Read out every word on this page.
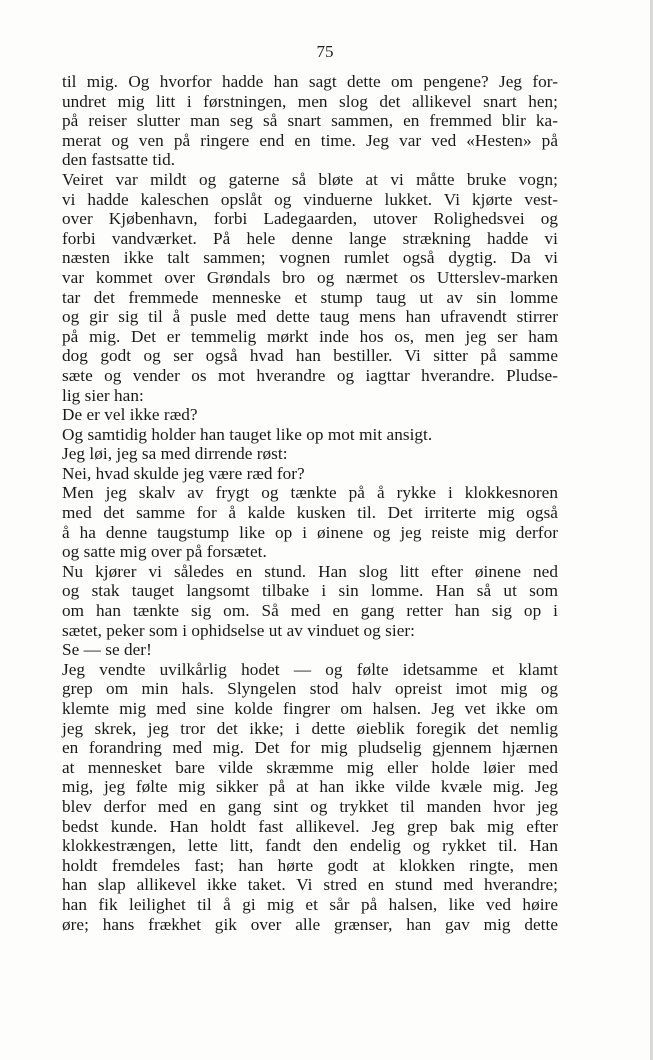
75
til mig. Og hvorfor hadde han sagt dette om pengene? Jeg for-
undret mig litt i førstningen, men slog det allikevel snart hen;
på reiser slutter man seg så snart sammen, en fremmed blir ka-
merat og ven på ringere end en time. Jeg var ved «Hesten» på
den fastsatte tid.
Veiret var mildt og gaterne så bløte at vi måtte bruke vogn;
vi hadde kaleschen opslåt og vinduerne lukket. Vi kjørte vest-
over Kjøbenhavn, forbi Ladegaarden, utover Rolighedsvei og
forbi vandværket. På hele denne lange strækning hadde vi
næsten ikke talt sammen; vognen rumlet også dygtig. Da vi
var kommet over Grøndals bro og nærmet os Utterslev-marken
tar det fremmede menneske et stump taug ut av sin lomme
og gir sig til å pusle med dette taug mens han ufravendt stirrer
på mig. Det er temmelig mørkt inde hos os, men jeg ser ham
dog godt og ser også hvad han bestiller. Vi sitter på samme
sæte og vender os mot hverandre og iagttar hverandre. Pludse-
lig sier han:
De er vel ikke ræd?
Og samtidig holder han tauget like op mot mit ansigt.
Jeg løi, jeg sa med dirrende røst:
Nei, hvad skulde jeg være ræd for?
Men jeg skalv av frygt og tænkte på å rykke i klokkesnoren
med det samme for å kalde kusken til. Det irriterte mig også
å ha denne taugstump like op i øinene og jeg reiste mig derfor
og satte mig over på forsætet.
Nu kjører vi således en stund. Han slog litt efter øinene ned
og stak tauget langsomt tilbake i sin lomme. Han så ut som
om han tænkte sig om. Så med en gang retter han sig op i
sætet, peker som i ophidselse ut av vinduet og sier:
Se — se der!
Jeg vendte uvilkårlig hodet — og følte idetsamme et klamt
grep om min hals. Slyngelen stod halv opreist imot mig og
klemte mig med sine kolde fingrer om halsen. Jeg vet ikke om
jeg skrek, jeg tror det ikke; i dette øieblik foregik det nemlig
en forandring med mig. Det for mig pludselig gjennem hjærnen
at mennesket bare vilde skræmme mig eller holde løier med
mig, jeg følte mig sikker på at han ikke vilde kvæle mig. Jeg
blev derfor med en gang sint og trykket til manden hvor jeg
bedst kunde. Han holdt fast allikevel. Jeg grep bak mig efter
klokkestrængen, lette litt, fandt den endelig og rykket til. Han
holdt fremdeles fast; han hørte godt at klokken ringte, men
han slap allikevel ikke taket. Vi stred en stund med hverandre;
han fik leilighet til å gi mig et sår på halsen, like ved høire
øre; hans frækhet gik over alle grænser, han gav mig dette
